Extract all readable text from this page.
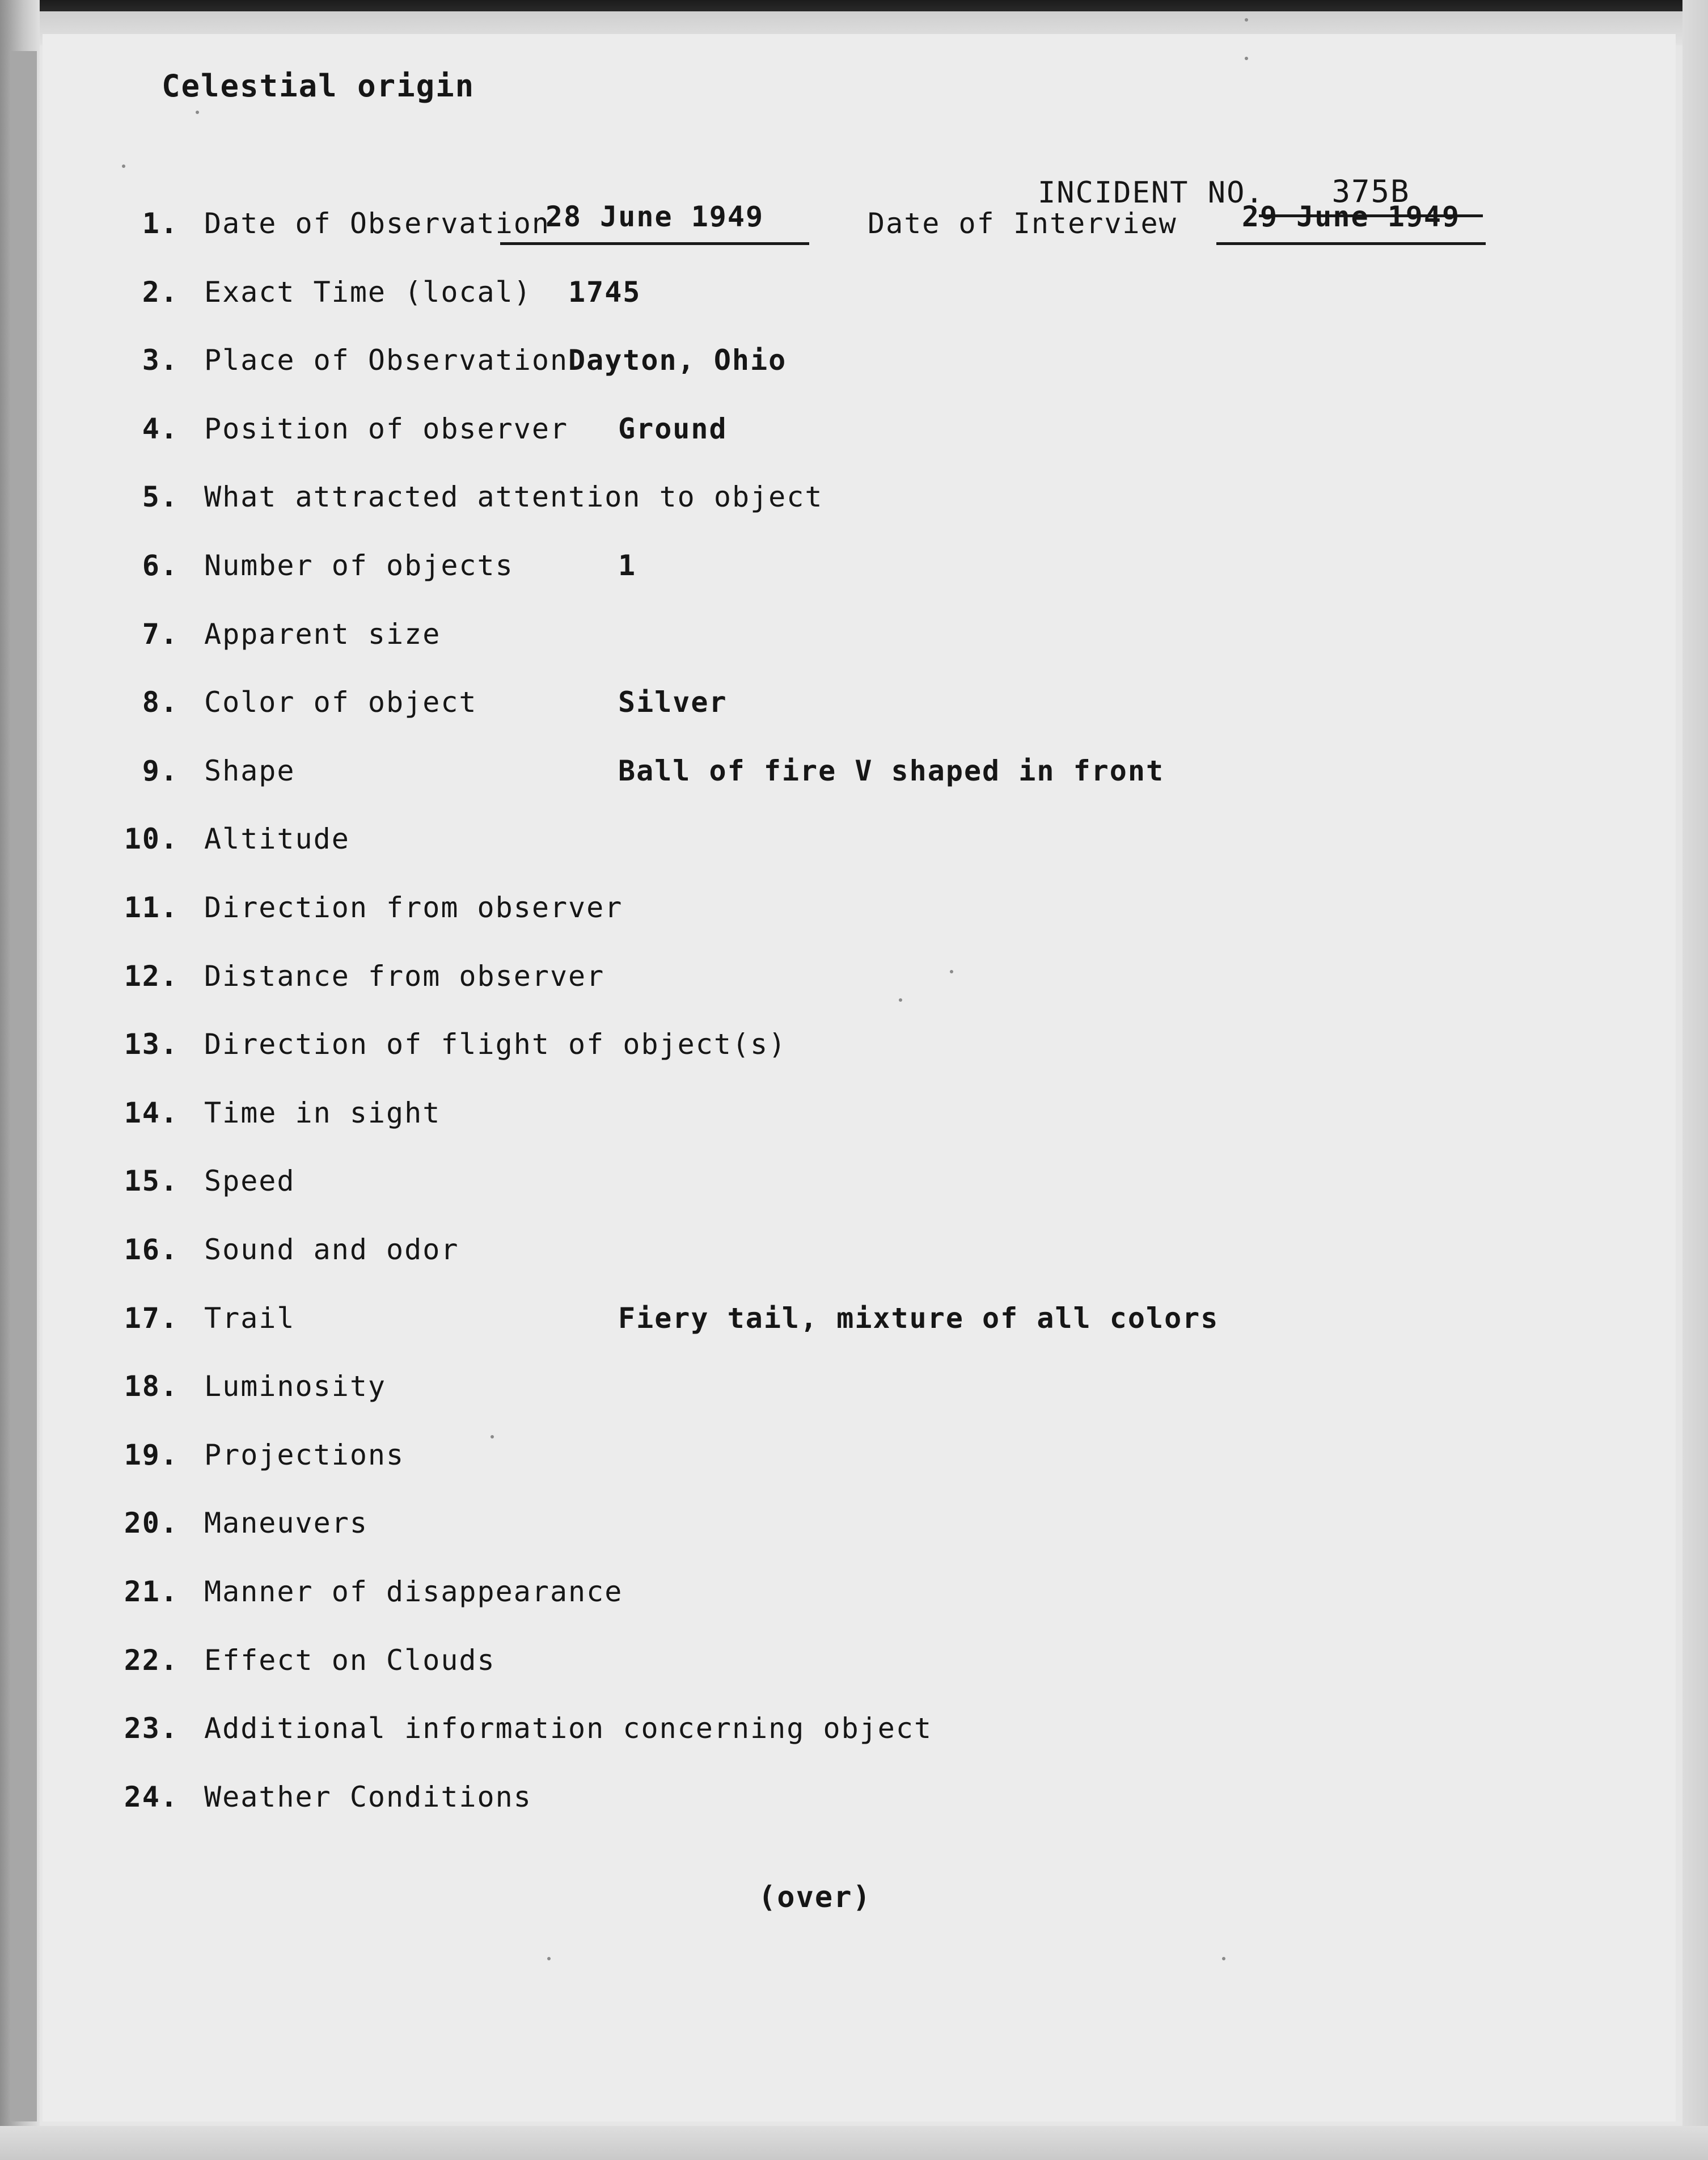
Celestial origin
INCIDENT NO.	375B
1. Date of Observation
28 June 1949	Date of Interview	29 June 1949
2. Exact Time (local) 1745
3. Place of Observation Dayton, Ohio
4. Position of observer Ground
5. What attracted attention to object
6. Number of objects	1
7. Apparent size
8. Color of object	Silver
9. Shape	Ball of fire V shaped in front
10. Altitude
11. Direction from observer
12. Distance from observer
13. Direction of flight of object(s)
14. Time in sight
15. Speed
16. Sound and odor
17. Trail	Fiery tail, mixture of all colors
18. Luminosity
19. Projections
20. Maneuvers
21. Manner of disappearance
22. Effect on Clouds
23. Additional information concerning object
24. Weather Conditions
(over)
